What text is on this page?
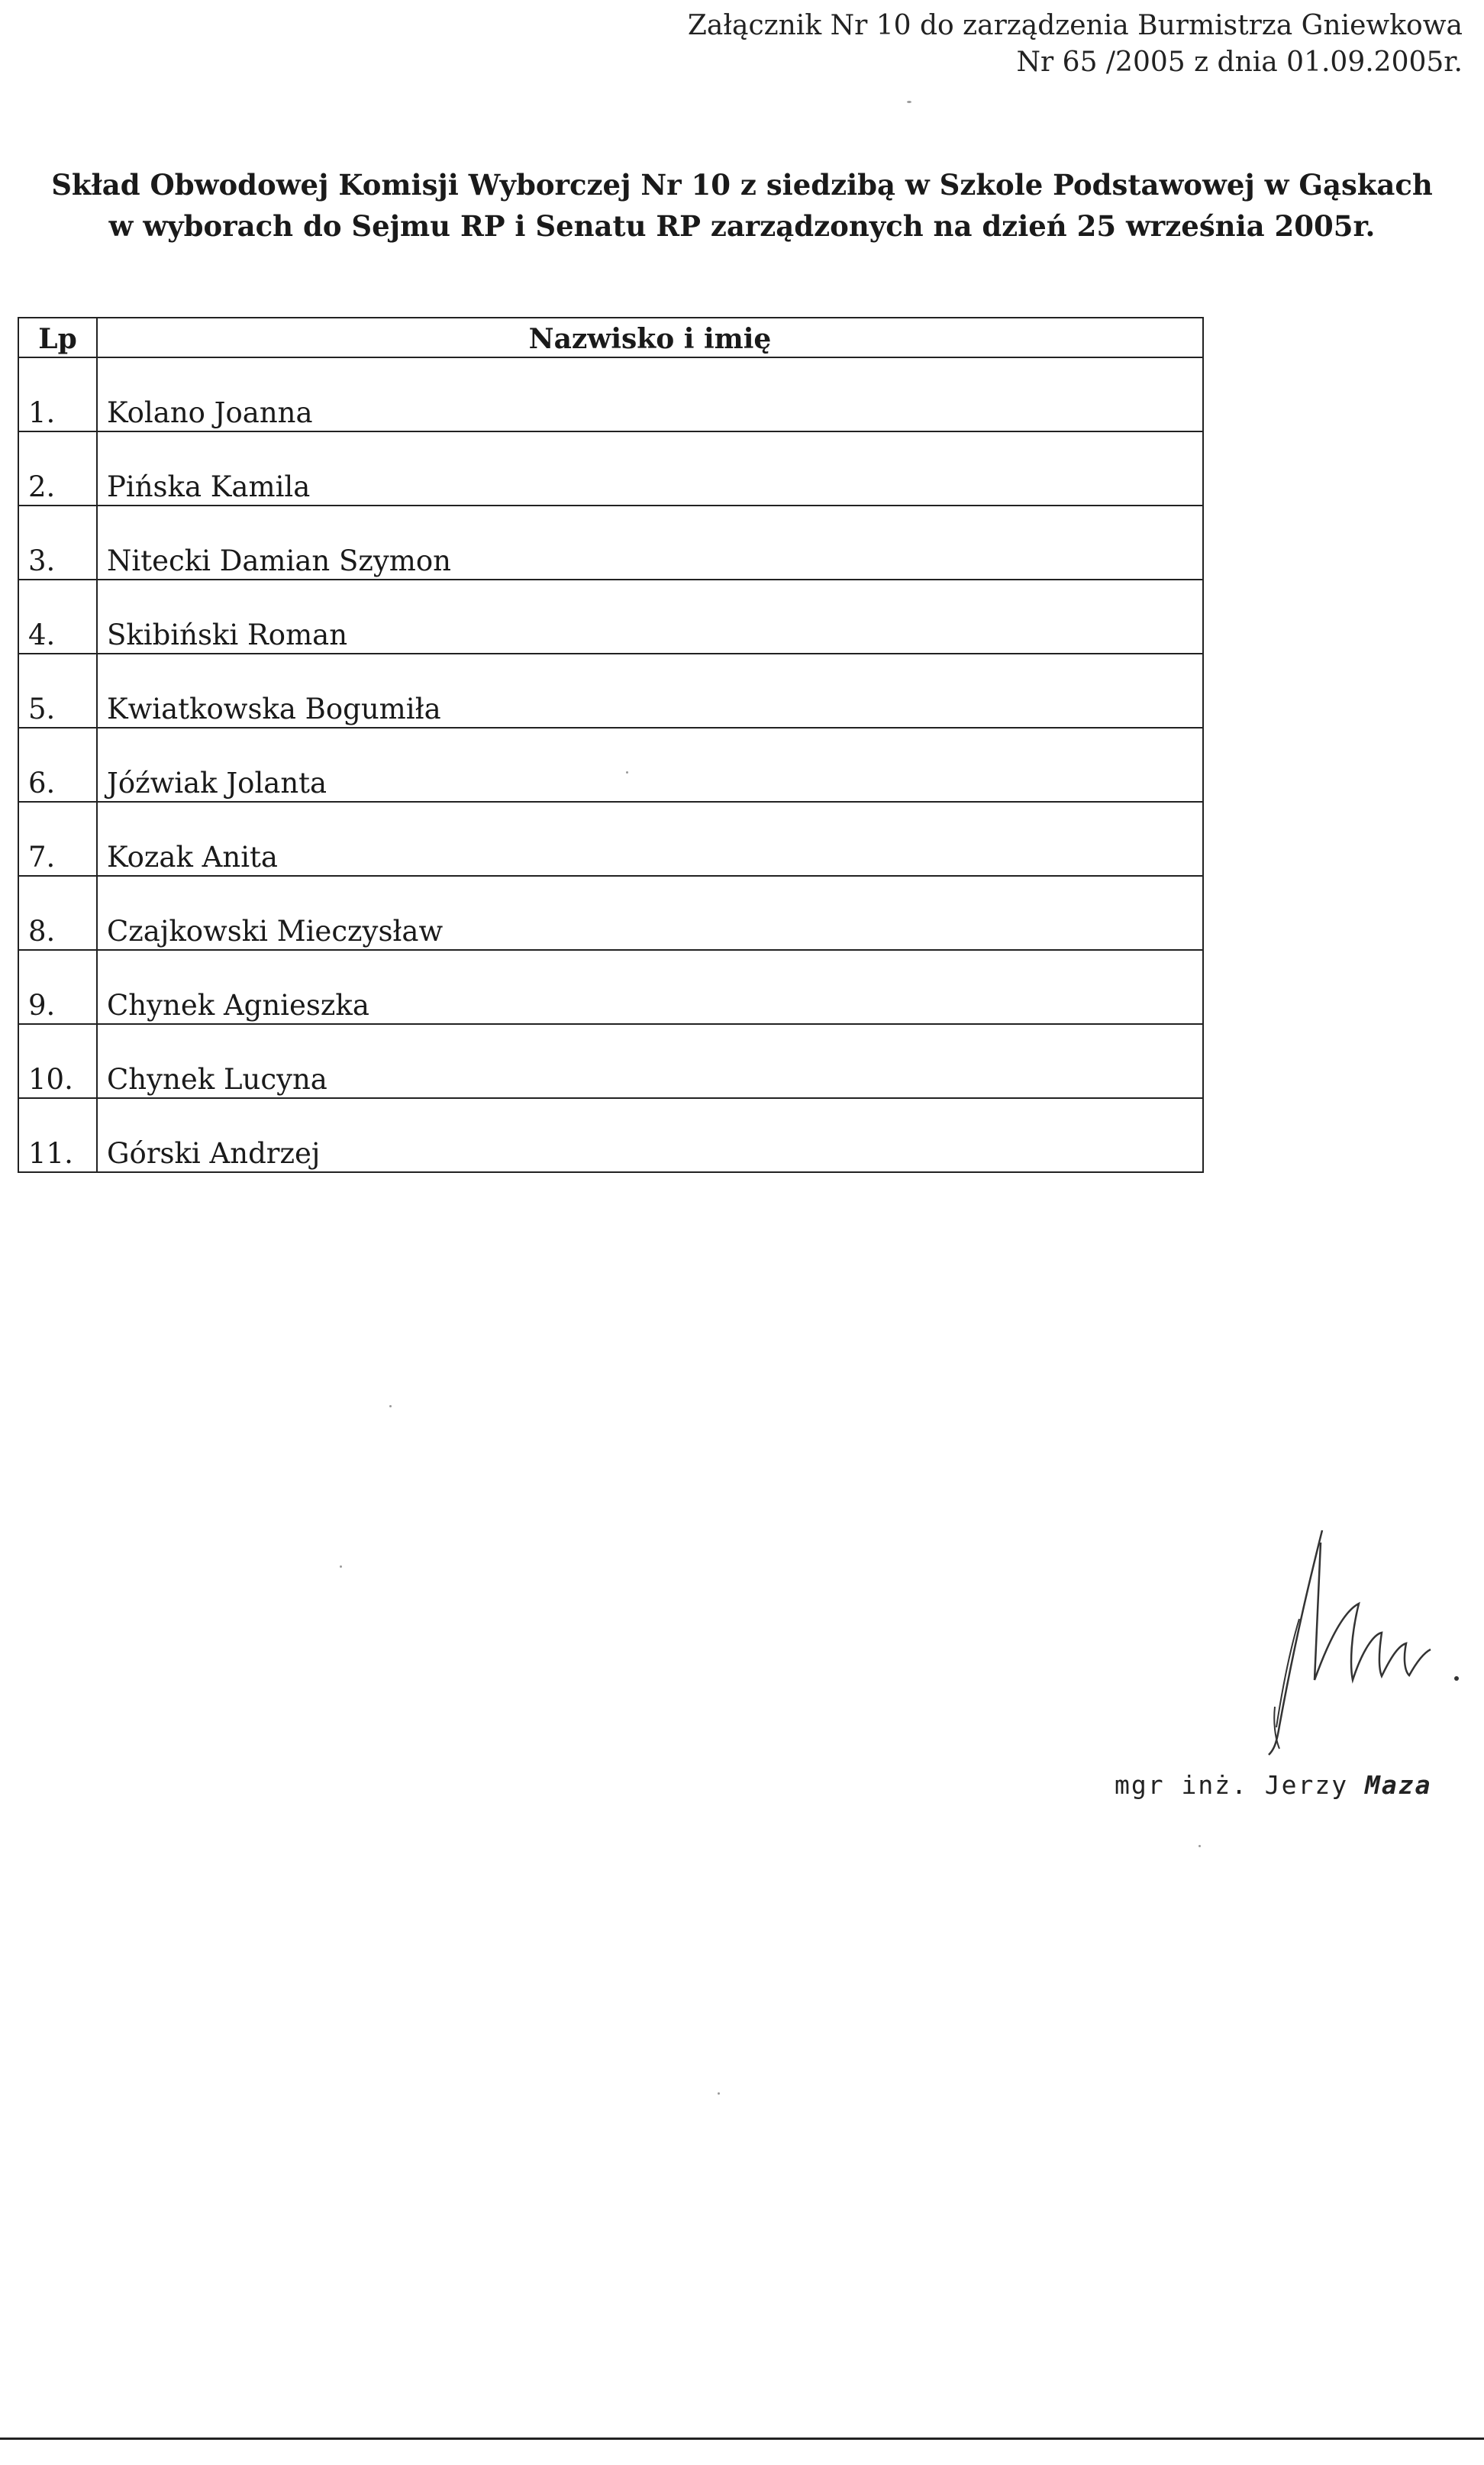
Załącznik Nr 10 do zarządzenia Burmistrza Gniewkowa
Nr 65 /2005 z dnia 01.09.2005r.
Skład Obwodowej Komisji Wyborczej Nr 10 z siedzibą w Szkole Podstawowej w Gąskach
w wyborach do Sejmu RP i Senatu RP zarządzonych na dzień 25 września 2005r.
Lp	Nazwisko i imię
1.	Kolano Joanna
2.	Pińska Kamila
3.	Nitecki Damian Szymon
4.	Skibiński Roman
5.	Kwiatkowska Bogumiła
6.	Jóźwiak Jolanta
7.	Kozak Anita
8.	Czajkowski Mieczysław
9.	Chynek Agnieszka
10.	Chynek Lucyna
11.	Górski Andrzej
mgr inż. Jerzy Maza
